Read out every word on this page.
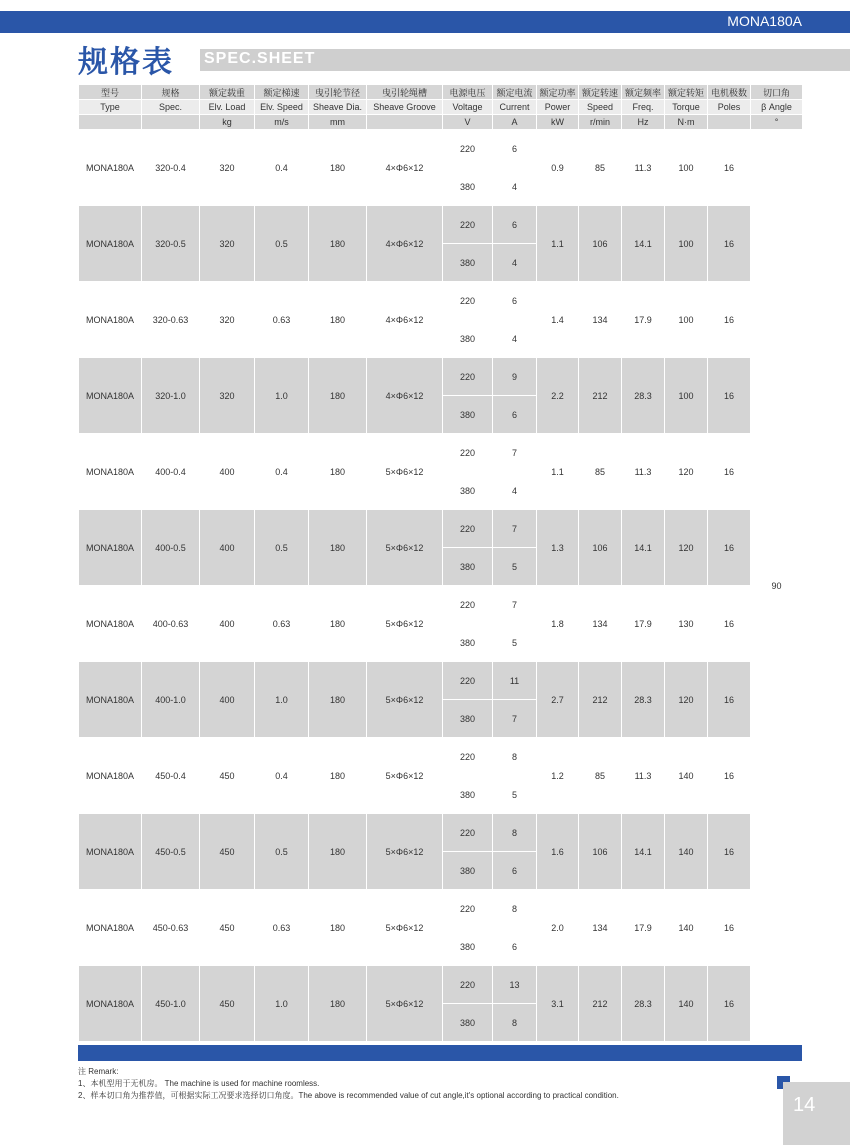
MONA180A
规格表 SPEC.SHEET
型号	规格	额定载重	额定梯速	曳引轮节径	曳引轮绳槽	电源电压	额定电流	额定功率	额定转速	额定频率	额定转矩	电机极数	切口角
Type	Spec.	Elv. Load	Elv. Speed	Sheave Dia.	Sheave Groove	Voltage	Current	Power	Speed	Freq.	Torque	Poles	β Angle
		kg	m/s	mm		V	A	kW	r/min	Hz	N·m		°
MONA180A	320-0.4	320	0.4	180	4×Φ6×12	220	6	0.9	85	11.3	100	16	90
						380	4						
MONA180A	320-0.5	320	0.5	180	4×Φ6×12	220	6	1.1	106	14.1	100	16	
						380	4						
MONA180A	320-0.63	320	0.63	180	4×Φ6×12	220	6	1.4	134	17.9	100	16	
						380	4						
MONA180A	320-1.0	320	1.0	180	4×Φ6×12	220	9	2.2	212	28.3	100	16	
						380	6						
MONA180A	400-0.4	400	0.4	180	5×Φ6×12	220	7	1.1	85	11.3	120	16	
						380	4						
MONA180A	400-0.5	400	0.5	180	5×Φ6×12	220	7	1.3	106	14.1	120	16	
						380	5						
MONA180A	400-0.63	400	0.63	180	5×Φ6×12	220	7	1.8	134	17.9	130	16	
						380	5						
MONA180A	400-1.0	400	1.0	180	5×Φ6×12	220	11	2.7	212	28.3	120	16	
						380	7						
MONA180A	450-0.4	450	0.4	180	5×Φ6×12	220	8	1.2	85	11.3	140	16	
						380	5						
MONA180A	450-0.5	450	0.5	180	5×Φ6×12	220	8	1.6	106	14.1	140	16	
						380	6						
MONA180A	450-0.63	450	0.63	180	5×Φ6×12	220	8	2.0	134	17.9	140	16	
						380	6						
MONA180A	450-1.0	450	1.0	180	5×Φ6×12	220	13	3.1	212	28.3	140	16	
						380	8						
注 Remark:
1、本机型用于无机房。 The machine is used for machine roomless.
2、样本切口角为推荐值，可根据实际工况要求选择切口角度。The above is recommended value of cut angle,it's optional according to practical condition.	14
